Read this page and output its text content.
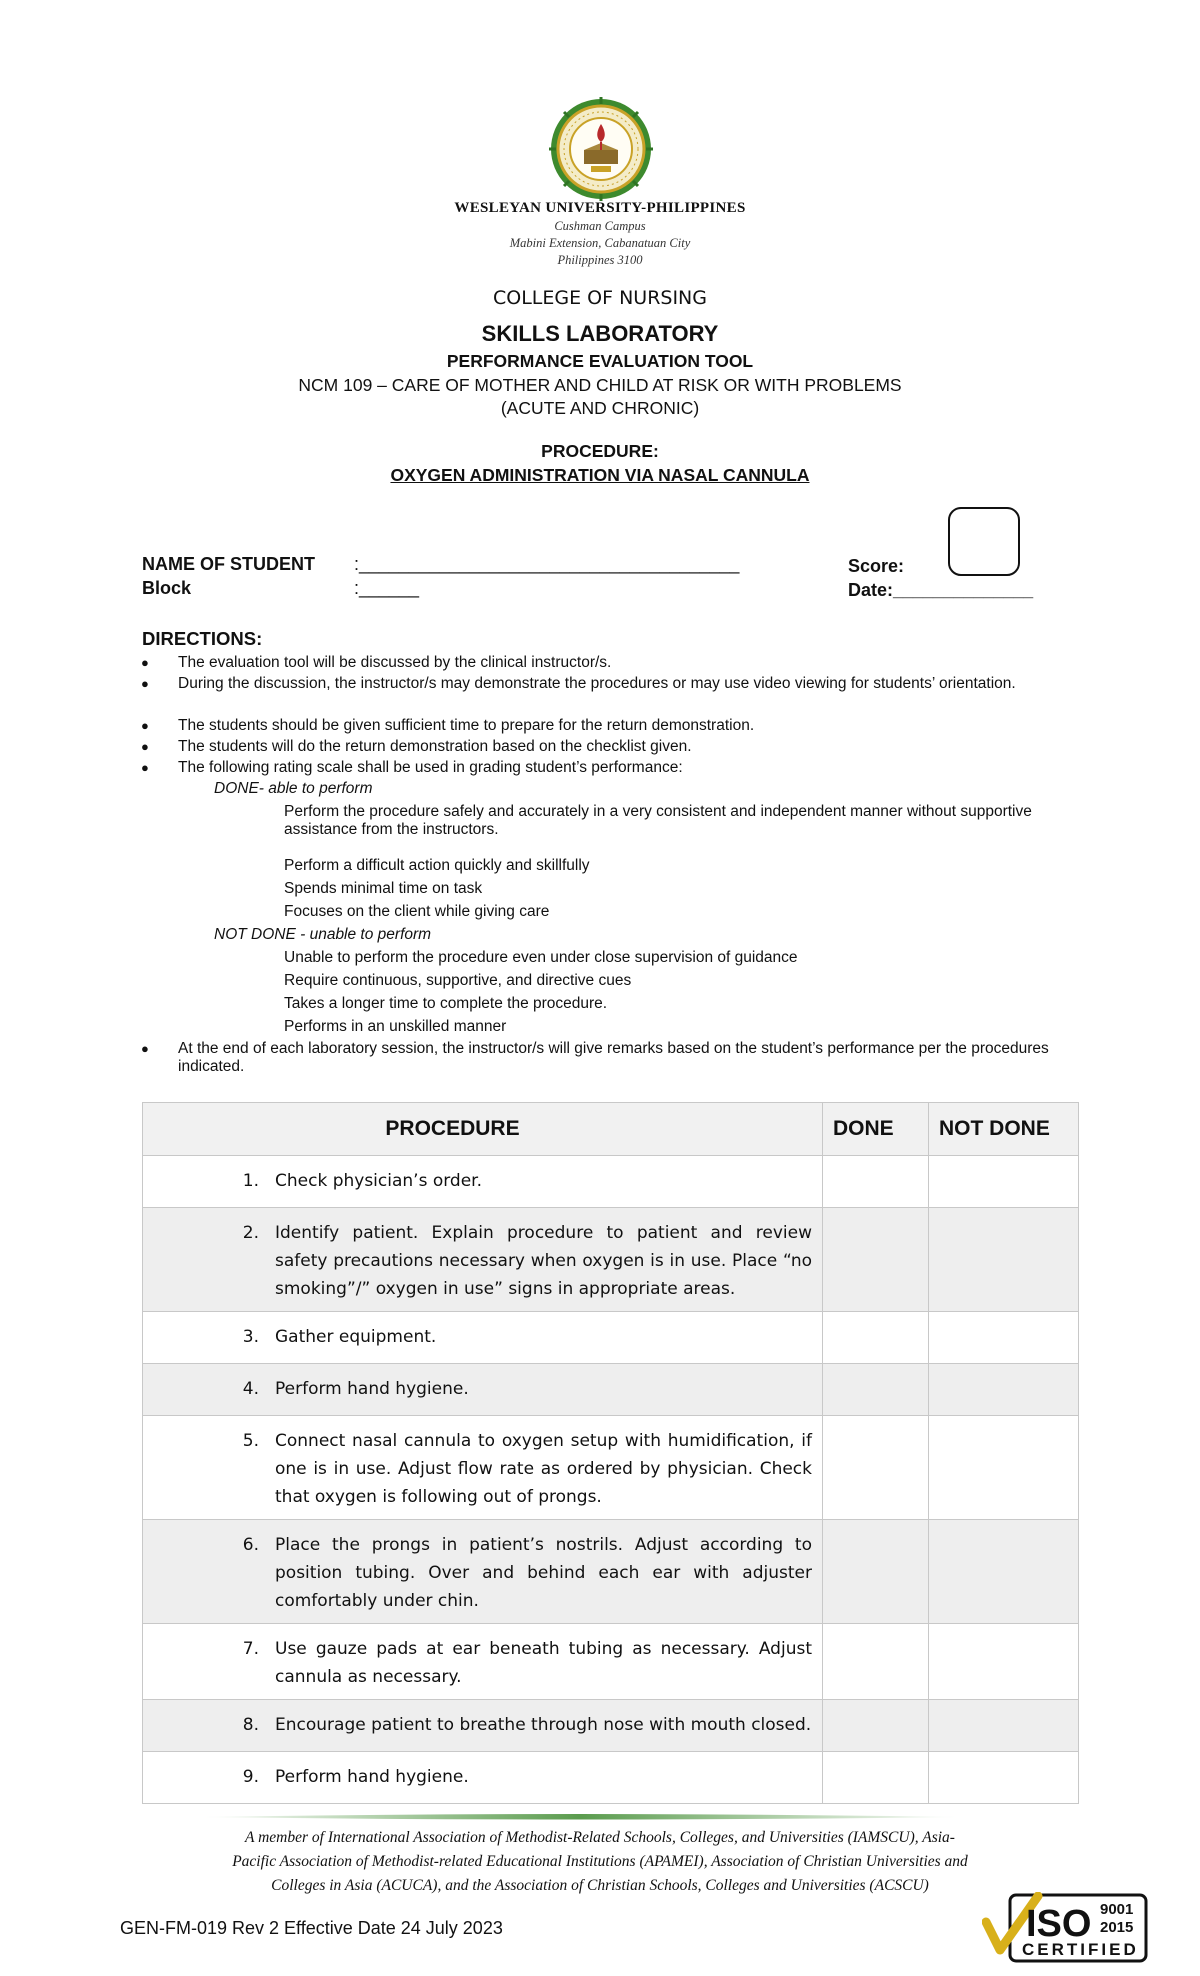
WESLEYAN UNIVERSITY-PHILIPPINES
Cushman Campus
Mabini Extension, Cabanatuan City
Philippines 3100
COLLEGE OF NURSING
SKILLS LABORATORY
PERFORMANCE EVALUATION TOOL
NCM 109 – CARE OF MOTHER AND CHILD AT RISK OR WITH PROBLEMS
(ACUTE AND CHRONIC)
PROCEDURE:
OXYGEN ADMINISTRATION VIA NASAL CANNULA
NAME OF STUDENT :______________________________________
Block	:______
Score:
Date:______________
DIRECTIONS:
● The evaluation tool will be discussed by the clinical instructor/s.
● During the discussion, the instructor/s may demonstrate the procedures or may use video viewing for students’ orientation.
● The students should be given sufficient time to prepare for the return demonstration.
● The students will do the return demonstration based on the checklist given.
● The following rating scale shall be used in grading student’s performance:
DONE- able to perform
Perform the procedure safely and accurately in a very consistent and independent manner without supportive assistance from the instructors.
Perform a difficult action quickly and skillfully
Spends minimal time on task
Focuses on the client while giving care
NOT DONE - unable to perform
Unable to perform the procedure even under close supervision of guidance
Require continuous, supportive, and directive cues
Takes a longer time to complete the procedure.
Performs in an unskilled manner
● At the end of each laboratory session, the instructor/s will give remarks based on the student’s performance per the procedures indicated.
PROCEDURE	DONE	NOT DONE

1. Check physician’s order.		

2. Identify patient. Explain procedure to patient and review safety precautions necessary when oxygen is in use. Place “no smoking”/” oxygen in use” signs in appropriate areas.		

3. Gather equipment.		

4. Perform hand hygiene.		

5. Connect nasal cannula to oxygen setup with humidification, if one is in use. Adjust flow rate as ordered by physician. Check that oxygen is following out of prongs.		

6. Place the prongs in patient’s nostrils. Adjust according to position tubing. Over and behind each ear with adjuster comfortably under chin.		

7. Use gauze pads at ear beneath tubing as necessary. Adjust cannula as necessary.		

8. Encourage patient to breathe through nose with mouth closed.		

9. Perform hand hygiene.		

A member of International Association of Methodist-Related Schools, Colleges, and Universities (IAMSCU), Asia-
Pacific Association of Methodist-related Educational Institutions (APAMEI), Association of Christian Universities and
Colleges in Asia (ACUCA), and the Association of Christian Schools, Colleges and Universities (ACSCU)
GEN-FM-019 Rev 2 Effective Date 24 July 2023	ISO 9001
2015
CERTIFIED
